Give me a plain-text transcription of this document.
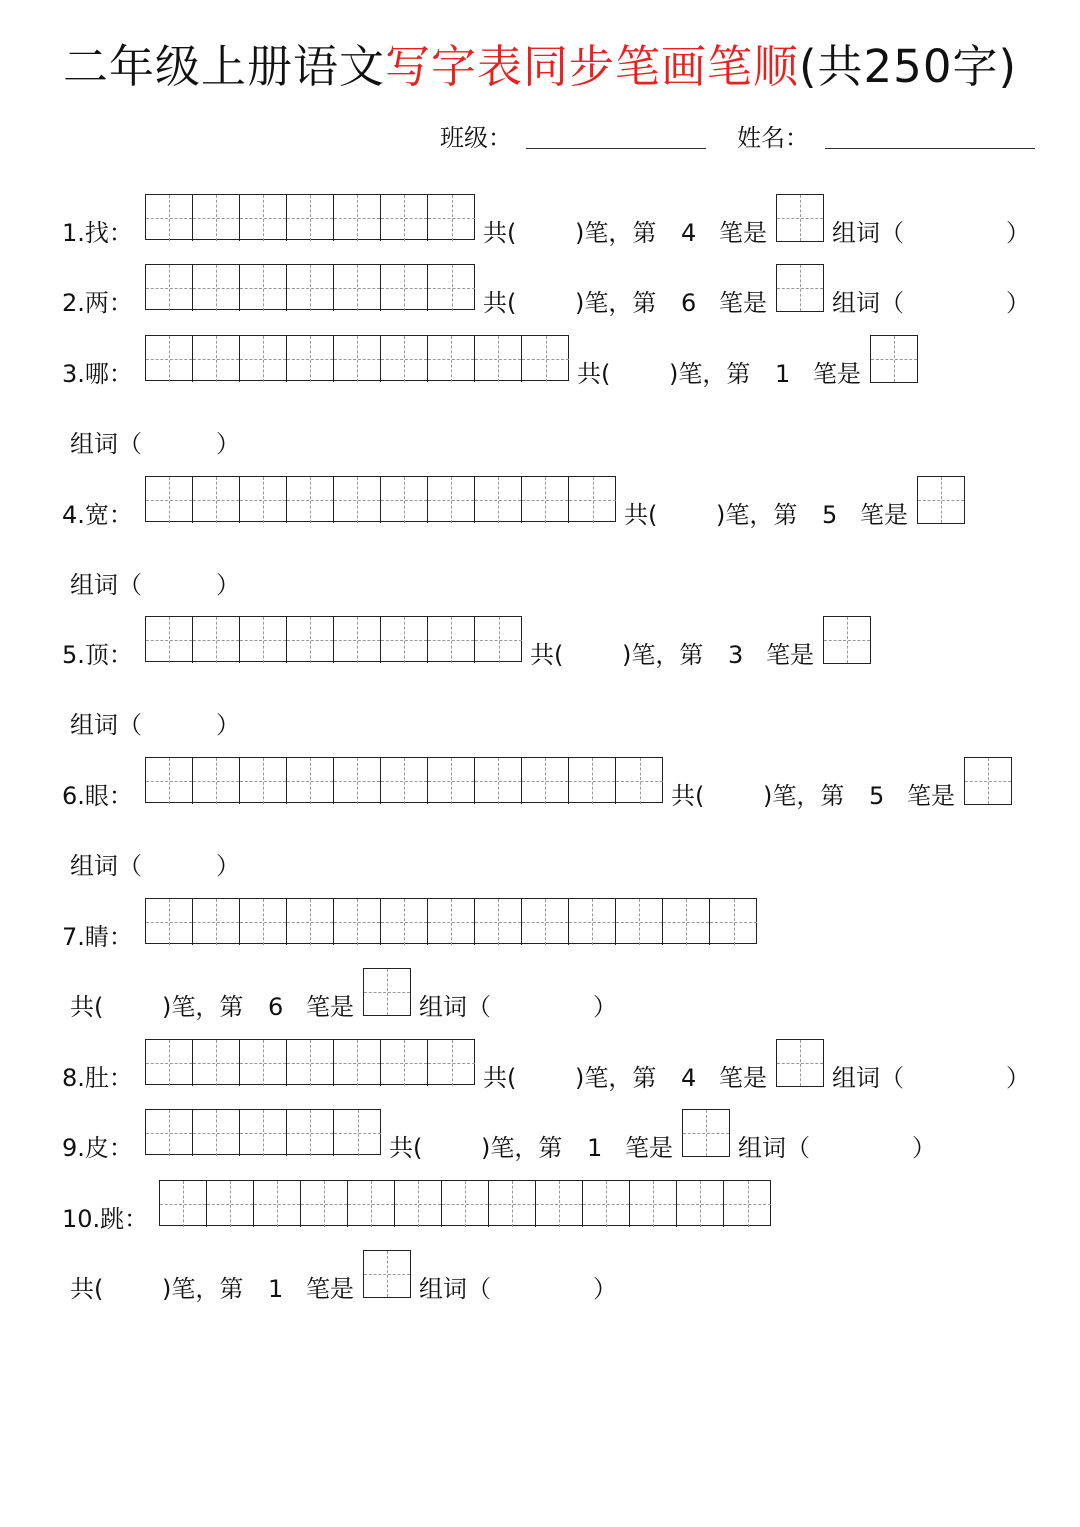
二年级上册语文写字表同步笔画笔顺(共250字)
班级：	姓名：
1.找：	共( )笔，第 4 笔是	组词（	）
2.两：	共( )笔，第 6 笔是	组词（	）
3.哪：	共( )笔，第 1 笔是
组词（	）
4.宽：	共( )笔，第 5 笔是
组词（	）
5.顶：	共( )笔，第 3 笔是
组词（	）
6.眼：	共( )笔，第 5 笔是
组词（	）
7.睛：
共( )笔，第 6 笔是	组词（	）
8.肚：	共( )笔，第 4 笔是	组词（	）
9.皮：	共( )笔，第 1 笔是	组词（	）
10.跳：
共( )笔，第 1 笔是	组词（	）
